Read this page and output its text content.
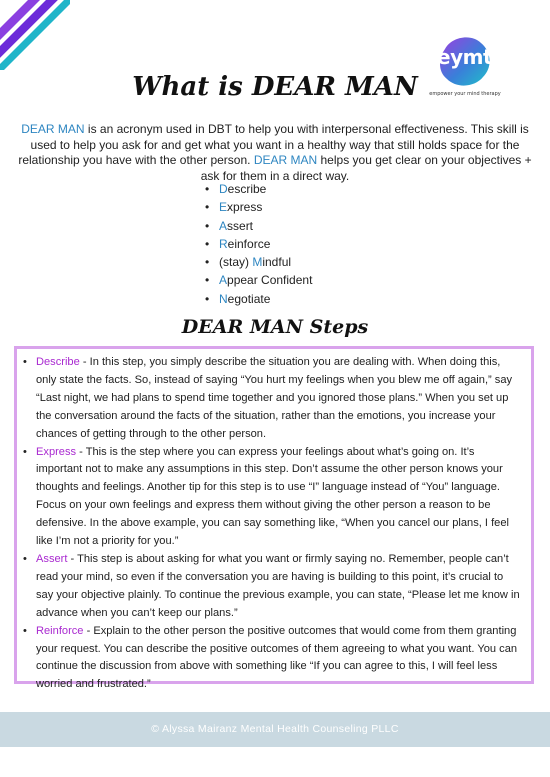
eymt
empower your mind therapy
What is DEAR MAN

DEAR MAN is an acronym used in DBT to help you with interpersonal effectiveness. This skill is used to help you ask for and get what you want in a healthy way that still holds space for the relationship you have with the other person. DEAR MAN helps you get clear on your objectives + ask for them in a direct way.

• Describe
• Express
• Assert
• Reinforce
• (stay) Mindful
• Appear Confident
• Negotiate
DEAR MAN Steps
• Describe - In this step, you simply describe the situation you are dealing with. When doing this, only state the facts. So, instead of saying “You hurt my feelings when you blew me off again,” say “Last night, we had plans to spend time together and you ignored those plans.” When you set up the conversation around the facts of the situation, rather than the emotions, you increase your chances of getting through to the other person.
• Express - This is the step where you can express your feelings about what’s going on. It’s important not to make any assumptions in this step. Don’t assume the other person knows your thoughts and feelings. Another tip for this step is to use “I” language instead of “You” language. Focus on your own feelings and express them without giving the other person a reason to be defensive. In the above example, you can say something like, “When you cancel our plans, I feel like I’m not a priority for you.”
• Assert - This step is about asking for what you want or firmly saying no. Remember, people can’t read your mind, so even if the conversation you are having is building to this point, it’s crucial to say your objective plainly. To continue the previous example, you can state, “Please let me know in advance when you can’t keep our plans.”
• Reinforce - Explain to the other person the positive outcomes that would come from them granting your request. You can describe the positive outcomes of them agreeing to what you want. You can continue the discussion from above with something like “If you can agree to this, I will feel less worried and frustrated.”
© Alyssa Mairanz Mental Health Counseling PLLC
